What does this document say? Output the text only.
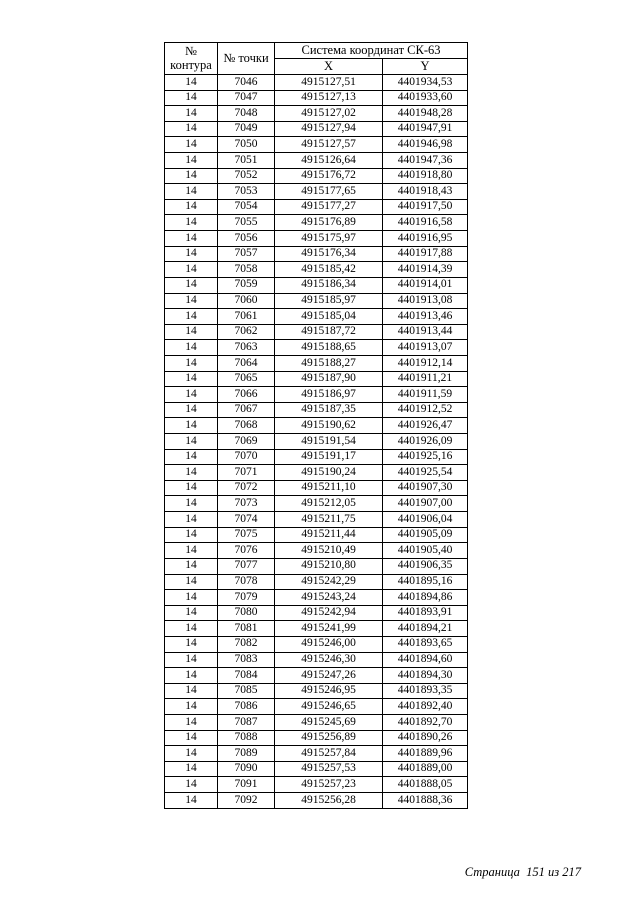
№
контура	№ точки	Система координат СК-63	
		X	Y
14	7046	4915127,51	4401934,53
14	7047	4915127,13	4401933,60
14	7048	4915127,02	4401948,28
14	7049	4915127,94	4401947,91
14	7050	4915127,57	4401946,98
14	7051	4915126,64	4401947,36
14	7052	4915176,72	4401918,80
14	7053	4915177,65	4401918,43
14	7054	4915177,27	4401917,50
14	7055	4915176,89	4401916,58
14	7056	4915175,97	4401916,95
14	7057	4915176,34	4401917,88
14	7058	4915185,42	4401914,39
14	7059	4915186,34	4401914,01
14	7060	4915185,97	4401913,08
14	7061	4915185,04	4401913,46
14	7062	4915187,72	4401913,44
14	7063	4915188,65	4401913,07
14	7064	4915188,27	4401912,14
14	7065	4915187,90	4401911,21
14	7066	4915186,97	4401911,59
14	7067	4915187,35	4401912,52
14	7068	4915190,62	4401926,47
14	7069	4915191,54	4401926,09
14	7070	4915191,17	4401925,16
14	7071	4915190,24	4401925,54
14	7072	4915211,10	4401907,30
14	7073	4915212,05	4401907,00
14	7074	4915211,75	4401906,04
14	7075	4915211,44	4401905,09
14	7076	4915210,49	4401905,40
14	7077	4915210,80	4401906,35
14	7078	4915242,29	4401895,16
14	7079	4915243,24	4401894,86
14	7080	4915242,94	4401893,91
14	7081	4915241,99	4401894,21
14	7082	4915246,00	4401893,65
14	7083	4915246,30	4401894,60
14	7084	4915247,26	4401894,30
14	7085	4915246,95	4401893,35
14	7086	4915246,65	4401892,40
14	7087	4915245,69	4401892,70
14	7088	4915256,89	4401890,26
14	7089	4915257,84	4401889,96
14	7090	4915257,53	4401889,00
14	7091	4915257,23	4401888,05
14	7092	4915256,28	4401888,36
Страница 151 из 217
